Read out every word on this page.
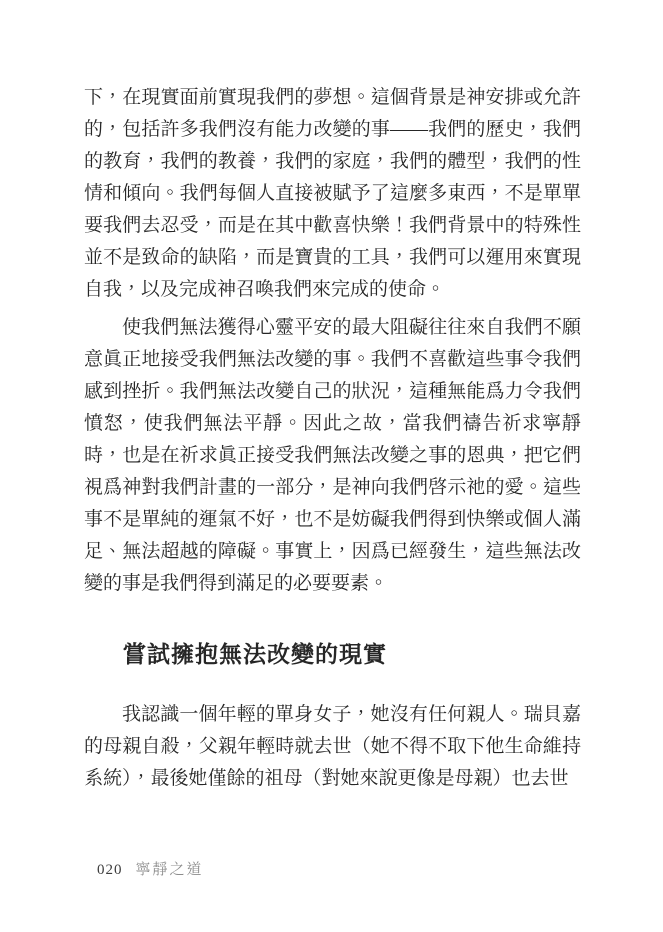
下，在現實面前實現我們的夢想。這個背景是神安排或允許的，包括許多我們沒有能力改變的事——我們的歷史，我們的教育，我們的教養，我們的家庭，我們的體型，我們的性情和傾向。我們每個人直接被賦予了這麼多東西，不是單單要我們去忍受，而是在其中歡喜快樂！我們背景中的特殊性並不是致命的缺陷，而是寶貴的工具，我們可以運用來實現自我，以及完成神召喚我們來完成的使命。

使我們無法獲得心靈平安的最大阻礙往往來自我們不願意眞正地接受我們無法改變的事。我們不喜歡這些事令我們感到挫折。我們無法改變自己的狀況，這種無能爲力令我們憤怒，使我們無法平靜。因此之故，當我們禱告祈求寧靜時，也是在祈求眞正接受我們無法改變之事的恩典，把它們視爲神對我們計畫的一部分，是神向我們啓示祂的愛。這些事不是單純的運氣不好，也不是妨礙我們得到快樂或個人滿足、無法超越的障礙。事實上，因爲已經發生，這些無法改變的事是我們得到滿足的必要要素。

嘗試擁抱無法改變的現實

我認識一個年輕的單身女子，她沒有任何親人。瑞貝嘉的母親自殺，父親年輕時就去世（她不得不取下他生命維持系統），最後她僅餘的祖母（對她來說更像是母親）也去世

020 寧靜之道
